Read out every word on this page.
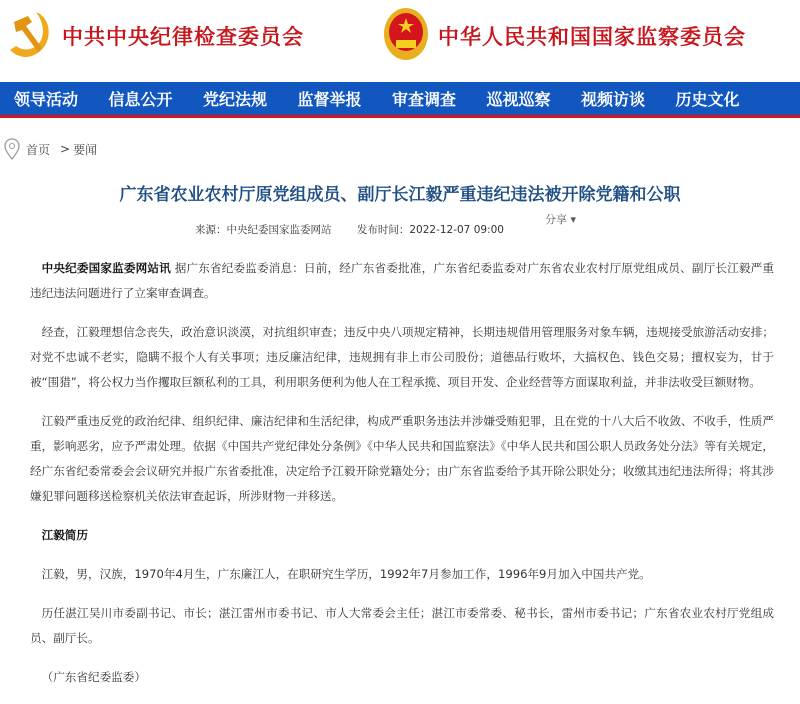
中共中央纪律检查委员会	中华人民共和国国家监察委员会
领导活动 信息公开 党纪法规 监督举报 审查调查 巡视巡察 视频访谈 历史文化
首页 > 要闻
广东省农业农村厅原党组成员、副厅长江毅严重违纪违法被开除党籍和公职
分享 ▾
来源：中央纪委国家监委网站 发布时间：2022-12-07 09:00

中央纪委国家监委网站讯 据广东省纪委监委消息：日前，经广东省委批准，广东省纪委监委对广东省农业农村厅原党组成员、副厅长江毅严重违纪违法问题进行了立案审查调查。

经查，江毅理想信念丧失，政治意识淡漠，对抗组织审查；违反中央八项规定精神，长期违规借用管理服务对象车辆，违规接受旅游活动安排；对党不忠诚不老实，隐瞒不报个人有关事项；违反廉洁纪律，违规拥有非上市公司股份；道德品行败坏，大搞权色、钱色交易；擅权妄为，甘于被“围猎”，将公权力当作攫取巨额私利的工具，利用职务便利为他人在工程承揽、项目开发、企业经营等方面谋取利益，并非法收受巨额财物。

江毅严重违反党的政治纪律、组织纪律、廉洁纪律和生活纪律，构成严重职务违法并涉嫌受贿犯罪，且在党的十八大后不收敛、不收手，性质严重，影响恶劣，应予严肃处理。依据《中国共产党纪律处分条例》《中华人民共和国监察法》《中华人民共和国公职人员政务处分法》等有关规定，经广东省纪委常委会会议研究并报广东省委批准，决定给予江毅开除党籍处分；由广东省监委给予其开除公职处分；收缴其违纪违法所得；将其涉嫌犯罪问题移送检察机关依法审查起诉，所涉财物一并移送。

江毅简历

江毅，男，汉族，1970年4月生，广东廉江人，在职研究生学历，1992年7月参加工作，1996年9月加入中国共产党。

历任湛江吴川市委副书记、市长；湛江雷州市委书记、市人大常委会主任；湛江市委常委、秘书长，雷州市委书记；广东省农业农村厅党组成员、副厅长。

（广东省纪委监委）
